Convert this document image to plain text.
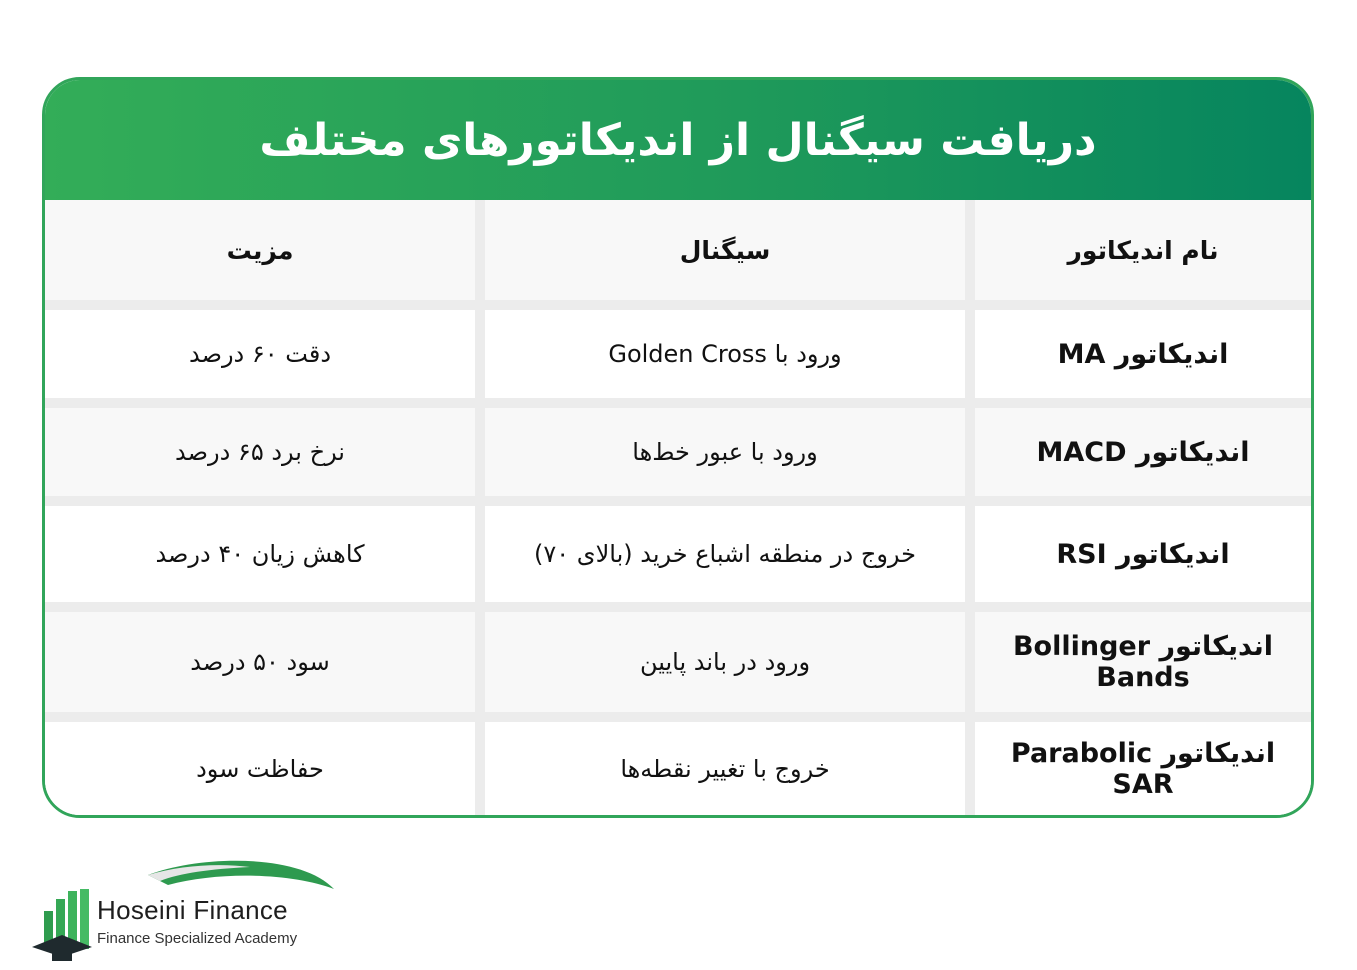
دریافت سیگنال از اندیکاتورهای مختلف
نام اندیکاتور
سیگنال
مزیت
اندیکاتور MA
ورود با Golden Cross
دقت ۶۰ درصد
اندیکاتور MACD
ورود با عبور خط‌ها
نرخ برد ۶۵ درصد
اندیکاتور RSI
خروج در منطقه اشباع خرید (بالای ۷۰)
کاهش زیان ۴۰ درصد
اندیکاتور Bollinger Bands
ورود در باند پایین
سود ۵۰ درصد
اندیکاتور Parabolic SAR
خروج با تغییر نقطه‌ها
حفاظت سود
Hoseini Finance
Finance Specialized Academy
